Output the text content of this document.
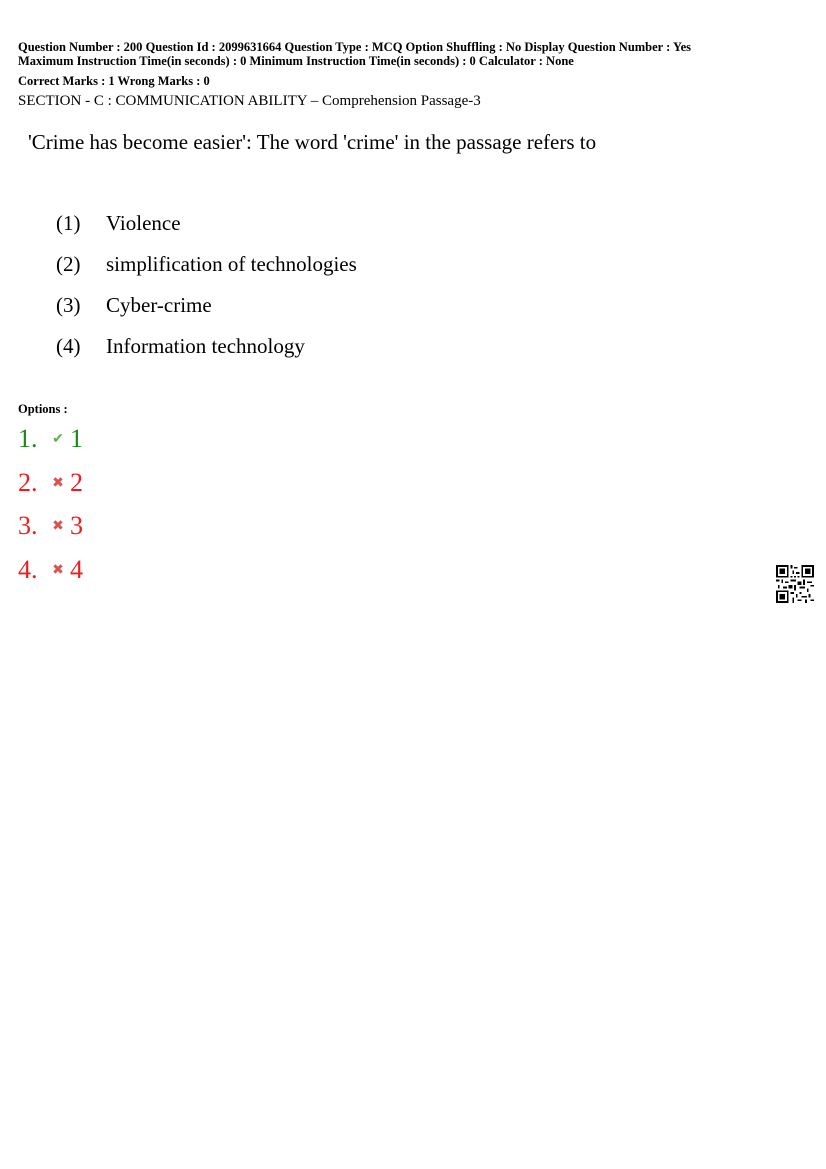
Question Number : 200 Question Id : 2099631664 Question Type : MCQ Option Shuffling : No Display Question Number : Yes
Maximum Instruction Time(in seconds) : 0 Minimum Instruction Time(in seconds) : 0 Calculator : None
Correct Marks : 1 Wrong Marks : 0
SECTION - C : COMMUNICATION ABILITY – Comprehension Passage-3
'Crime has become easier': The word 'crime' in the passage refers to
(1) Violence
(2) simplification of technologies
(3) Cyber-crime
(4) Information technology
Options :
1. ✔ 1
2. ✖ 2
3. ✖ 3
4. ✖ 4
